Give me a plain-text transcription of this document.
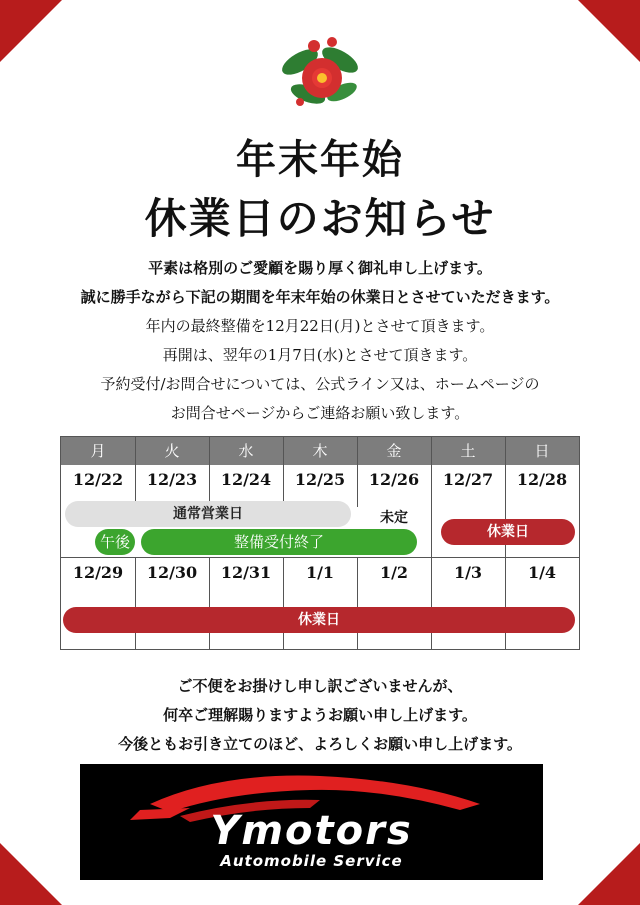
年末年始
休業日のお知らせ
平素は格別のご愛顧を賜り厚く御礼申し上げます。
誠に勝手ながら下記の期間を年末年始の休業日とさせていただきます。
年内の最終整備を12月22日(月)とさせて頂きます。
再開は、翌年の1月7日(水)とさせて頂きます。
予約受付/お問合せについては、公式ライン又は、ホームページの
お問合せページからご連絡お願い致します。
月	火	水	木	金	土	日
12/22	12/23	12/24	12/25	12/26	12/27	12/28
通常営業日	未定
休業日
午後	整備受付終了
12/29	12/30	12/31	1/1	1/2	1/3	1/4
休業日
ご不便をお掛けし申し訳ございませんが、
何卒ご理解賜りますようお願い申し上げます。
今後ともお引き立てのほど、よろしくお願い申し上げます。
Ymotors
Automobile Service
